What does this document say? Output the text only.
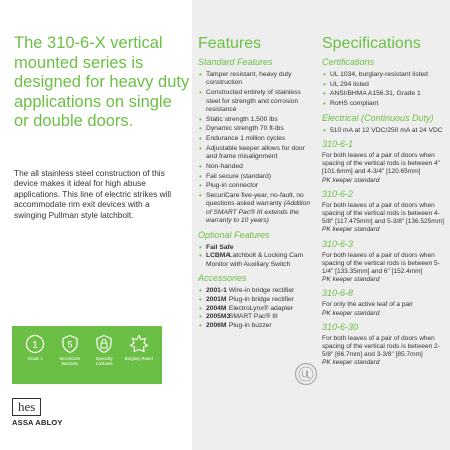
The 310-6-X vertical mounted series is designed for heavy duty applications on single or double doors.

The all stainless steel construction of this device makes it ideal for high abuse applications. This line of electric strikes will accommodate rim exit devices with a swinging Pullman style latchbolt.

1
Grade 1
5
SecuriCare Warranty
Specialty Lockouts
Burglary Rated
hes
ASSA ABLOY
Features
Standard Features
• Tamper resistant, heavy duty construction
• Constructed entirely of stainless steel for strength and corrosion resistance
• Static strength 1,500 lbs
• Dynamic strength 70 ft-lbs
• Endurance 1 million cycles
• Adjustable keeper allows for door and frame misalignment
• Non-handed
• Fail secure (standard)
• Plug-in connector
• SecuriCare five-year, no-fault, no questions asked warranty (Addition of SMART Pac® III extends the warranty to 10 years)
Optional Features
• Fail Safe
• LCBMA Latchbolt & Locking Cam Monitor with Auxiliary Switch
Accessories
• 2001-1 Wire-in bridge rectifier
• 2001M Plug-in bridge rectifier
• 2004M ElectroLynx® adapter
• 2005M3 SMART Pac® III
• 2006M Plug-in buzzer
Specifications
Certifications
• UL 1034, burglary-resistant listed
• UL 294 listed
• ANSI/BHMA A156.31, Grade 1
• RoHS compliant
Electrical (Continuous Duty)
• 510 mA at 12 VDC/250 mA at 24 VDC
310-6-1
For both leaves of a pair of doors when spacing of the vertical rods is between 4" [101.6mm] and 4-3/4" [120.65mm]
PK keeper standard
310-6-2
For both leaves of a pair of doors when spacing of the vertical rods is between 4-5/8" [117.475mm] and 5-3/8" [136.525mm]
PK keeper standard
310-6-3
For both leaves of a pair of doors when spacing of the vertical rods is between 5-1/4" [133.35mm] and 6" [152.4mm]
PK keeper standard
310-6-8
For only the active leaf of a pair
PK keeper standard
310-6-30
For both leaves of a pair of doors when spacing of the vertical rods is between 2-5/8" [66.7mm] and 3-3/8" [85.7mm]
PK keeper standard
